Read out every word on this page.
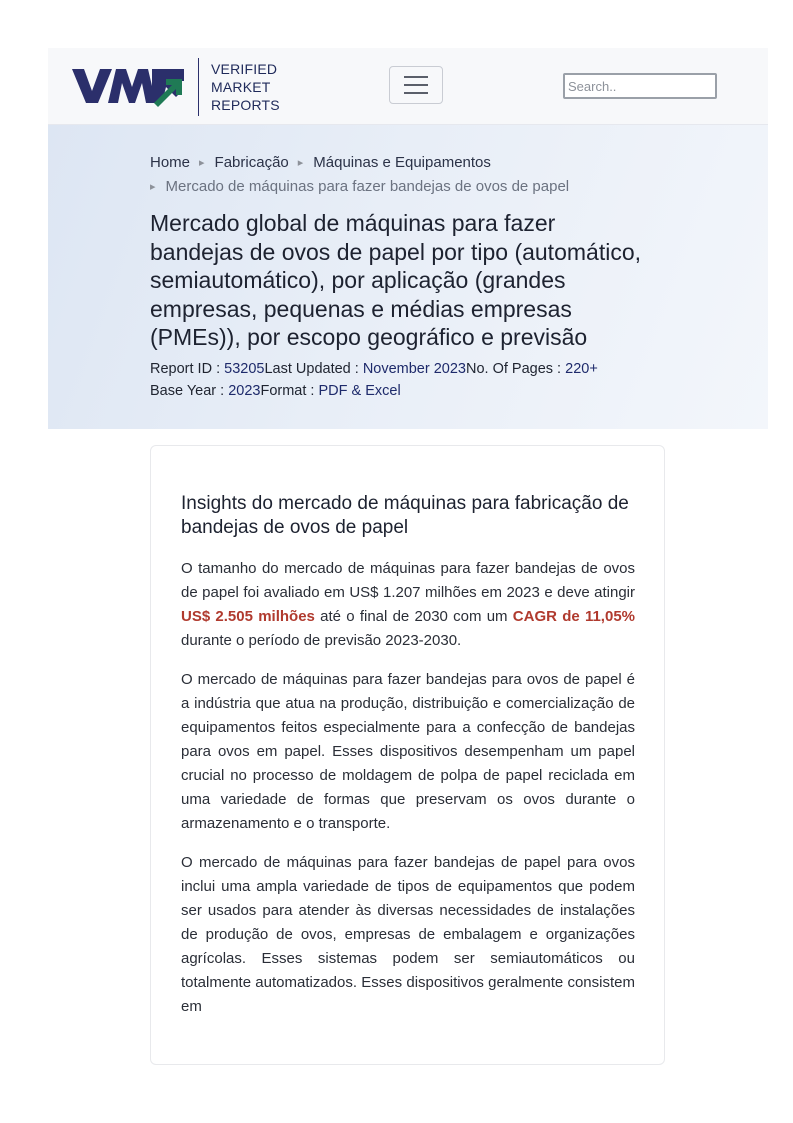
VERIFIED
MARKET
REPORTS
Search..
Home ▸ Fabricação ▸ Máquinas e Equipamentos
▸ Mercado de máquinas para fazer bandejas de ovos de papel
Mercado global de máquinas para fazer bandejas de ovos de papel por tipo (automático, semiautomático), por aplicação (grandes empresas, pequenas e médias empresas (PMEs)), por escopo geográfico e previsão
Report ID : 53205Last Updated : November 2023No. Of Pages : 220+
Base Year : 2023Format : PDF & Excel
Insights do mercado de máquinas para fabricação de bandejas de ovos de papel

O tamanho do mercado de máquinas para fazer bandejas de ovos de papel foi avaliado em US$ 1.207 milhões em 2023 e deve atingir US$ 2.505 milhões até o final de 2030 com um CAGR de 11,05% durante o período de previsão 2023-2030.

O mercado de máquinas para fazer bandejas para ovos de papel é a indústria que atua na produção, distribuição e comercialização de equipamentos feitos especialmente para a confecção de bandejas para ovos em papel. Esses dispositivos desempenham um papel crucial no processo de moldagem de polpa de papel reciclada em uma variedade de formas que preservam os ovos durante o armazenamento e o transporte.

O mercado de máquinas para fazer bandejas de papel para ovos inclui uma ampla variedade de tipos de equipamentos que podem ser usados para atender às diversas necessidades de instalações de produção de ovos, empresas de embalagem e organizações agrícolas. Esses sistemas podem ser semiautomáticos ou totalmente automatizados. Esses dispositivos geralmente consistem em
